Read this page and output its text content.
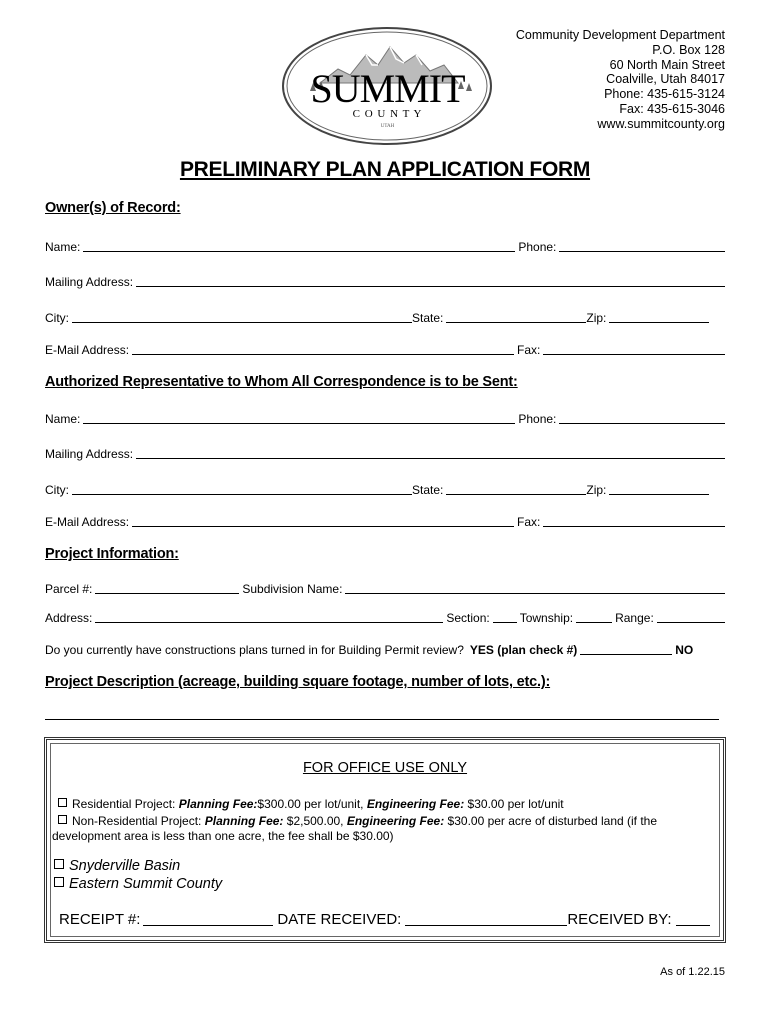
SUMMIT
C O U N T Y
UTAH
Community Development Department
P.O. Box 128
60 North Main Street
Coalville, Utah 84017
Phone: 435-615-3124
Fax: 435-615-3046
www.summitcounty.org
PRELIMINARY PLAN APPLICATION FORM
Owner(s) of Record:
Name:	Phone:
Mailing Address:
City:	State:	Zip:
E-Mail Address:	Fax:
Authorized Representative to Whom All Correspondence is to be Sent:
Name:	Phone:
Mailing Address:
City:	State:	Zip:
E-Mail Address:	Fax:
Project Information:
Parcel #:	Subdivision Name:
Address:	Section:	Township:	Range:
Do you currently have constructions plans turned in for Building Permit review? YES (plan check #)	NO
Project Description (acreage, building square footage, number of lots, etc.):
FOR OFFICE USE ONLY
Residential Project: Planning Fee:$300.00 per lot/unit, Engineering Fee: $30.00 per lot/unit
Non-Residential Project: Planning Fee: $2,500.00, Engineering Fee: $30.00 per acre of disturbed land (if the
development area is less than one acre, the fee shall be $30.00)
Snyderville Basin
Eastern Summit County
RECEIPT #:	DATE RECEIVED:	RECEIVED BY:
As of 1.22.15
